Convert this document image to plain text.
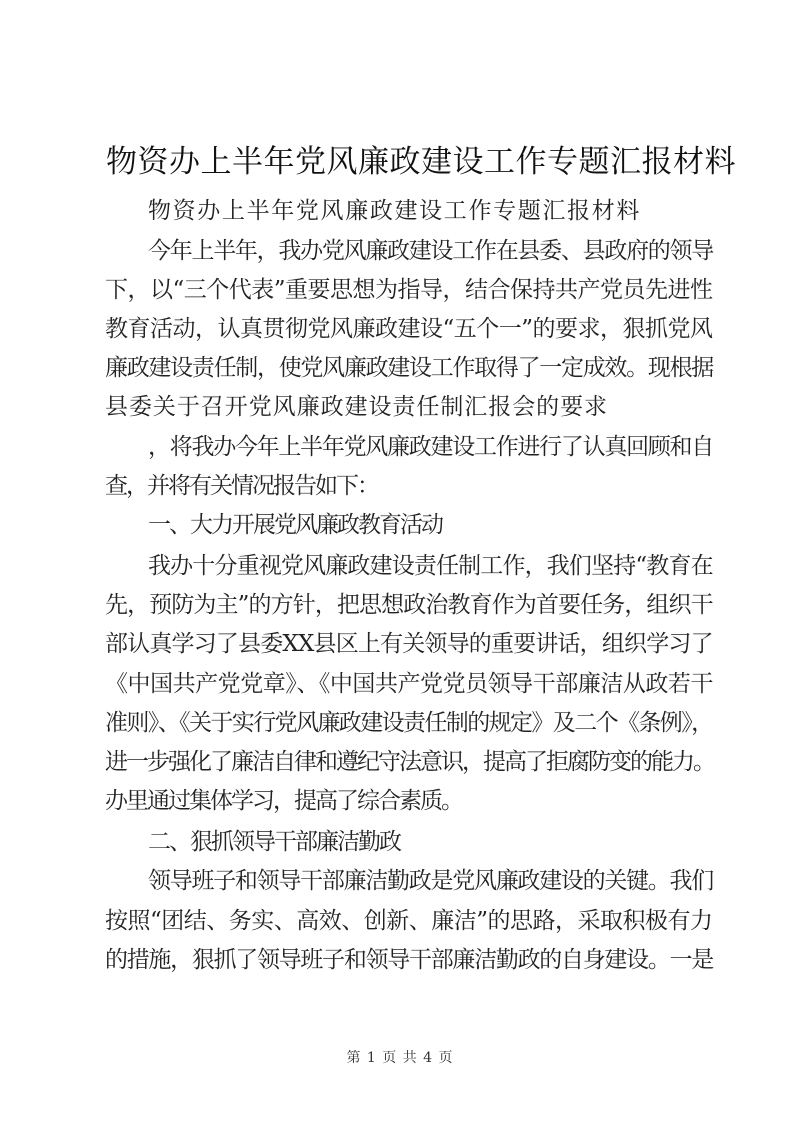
物资办上半年党风廉政建设工作专题汇报材料
物资办上半年党风廉政建设工作专题汇报材料
今年上半年，我办党风廉政建设工作在县委、县政府的领导
下，以“三个代表”重要思想为指导，结合保持共产党员先进性
教育活动，认真贯彻党风廉政建设“五个一”的要求，狠抓党风
廉政建设责任制，使党风廉政建设工作取得了一定成效。现根据
县委关于召开党风廉政建设责任制汇报会的要求
，将我办今年上半年党风廉政建设工作进行了认真回顾和自
查，并将有关情况报告如下：
一、大力开展党风廉政教育活动
我办十分重视党风廉政建设责任制工作，我们坚持“教育在
先，预防为主”的方针，把思想政治教育作为首要任务，组织干
部认真学习了县委XX县区上有关领导的重要讲话，组织学习了
《中国共产党党章》、《中国共产党党员领导干部廉洁从政若干
准则》、《关于实行党风廉政建设责任制的规定》及二个《条例》，
进一步强化了廉洁自律和遵纪守法意识，提高了拒腐防变的能力。
办里通过集体学习，提高了综合素质。
二、狠抓领导干部廉洁勤政
领导班子和领导干部廉洁勤政是党风廉政建设的关键。我们
按照“团结、务实、高效、创新、廉洁”的思路，采取积极有力
的措施，狠抓了领导班子和领导干部廉洁勤政的自身建设。一是
第 1 页 共 4 页
